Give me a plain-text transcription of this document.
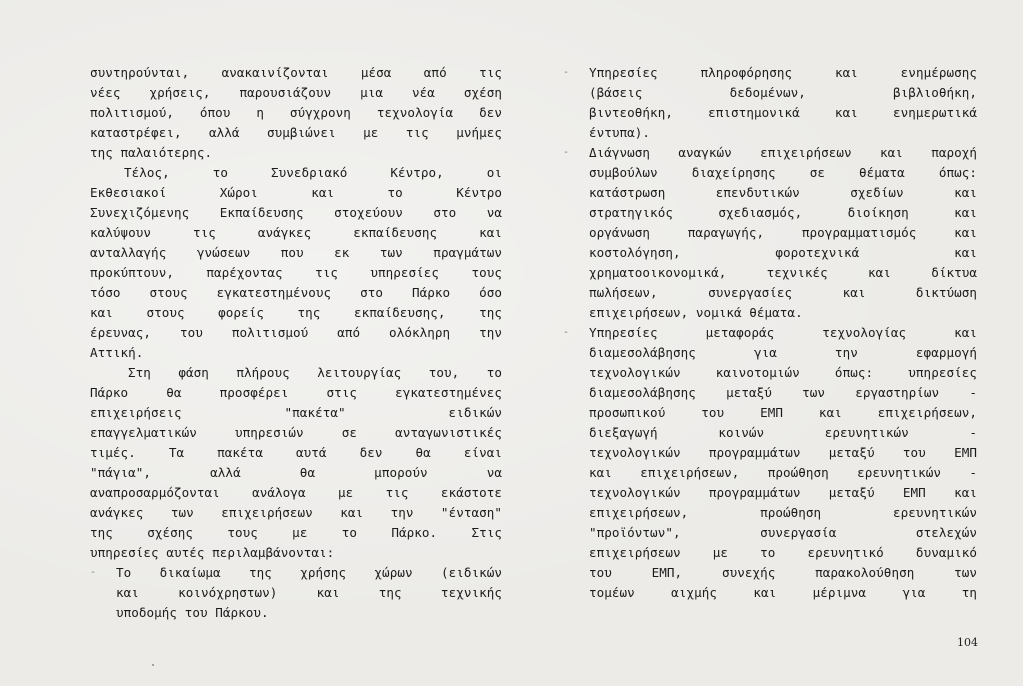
συντηρούνται, ανακαινίζονται μέσα από τις
νέες χρήσεις, παρουσιάζουν μια νέα σχέση
πολιτισμού, όπου η σύγχρονη τεχνολογία δεν
καταστρέφει, αλλά συμβιώνει με τις μνήμες
της παλαιότερης.
Τέλος, το Συνεδριακό Κέντρο, οι
Εκθεσιακοί Χώροι και το Κέντρο
Συνεχιζόμενης Εκπαίδευσης στοχεύουν στο να
καλύψουν τις ανάγκες εκπαίδευσης και
ανταλλαγής γνώσεων που εκ των πραγμάτων
προκύπτουν, παρέχοντας τις υπηρεσίες τους
τόσο στους εγκατεστημένους στο Πάρκο όσο
και στους φορείς της εκπαίδευσης, της
έρευνας, του πολιτισμού από ολόκληρη την
Αττική.
Στη φάση πλήρους λειτουργίας του, το
Πάρκο θα προσφέρει στις εγκατεστημένες
επιχειρήσεις "πακέτα" ειδικών
επαγγελματικών υπηρεσιών σε ανταγωνιστικές
τιμές. Τα πακέτα αυτά δεν θα είναι
"πάγια", αλλά θα μπορούν να
αναπροσαρμόζονται ανάλογα με τις εκάστοτε
ανάγκες των επιχειρήσεων και την "ένταση"
της σχέσης τους με το Πάρκο. Στις
υπηρεσίες αυτές περιλαμβάνονται:
-	Το δικαίωμα της χρήσης χώρων (ειδικών
και κοινόχρηστων) και της τεχνικής
υποδομής του Πάρκου.
-	Υπηρεσίες πληροφόρησης και ενημέρωσης
(βάσεις δεδομένων, βιβλιοθήκη,
βιντεοθήκη, επιστημονικά και ενημερωτικά
έντυπα).
-	Διάγνωση αναγκών επιχειρήσεων και παροχή
συμβούλων διαχείρησης σε θέματα όπως:
κατάστρωση επενδυτικών σχεδίων και
στρατηγικός σχεδιασμός, διοίκηση και
οργάνωση παραγωγής, προγραμματισμός και
κοστολόγηση, φοροτεχνικά και
χρηματοοικονομικά, τεχνικές και δίκτυα
πωλήσεων, συνεργασίες και δικτύωση
επιχειρήσεων, νομικά θέματα.
-	Υπηρεσίες μεταφοράς τεχνολογίας και
διαμεσολάβησης για την εφαρμογή
τεχνολογικών καινοτομιών όπως: υπηρεσίες
διαμεσολάβησης μεταξύ των εργαστηρίων -
προσωπικού του ΕΜΠ και επιχειρήσεων,
διεξαγωγή κοινών ερευνητικών -
τεχνολογικών προγραμμάτων μεταξύ του ΕΜΠ
και επιχειρήσεων, προώθηση ερευνητικών -
τεχνολογικών προγραμμάτων μεταξύ ΕΜΠ και
επιχειρήσεων, προώθηση ερευνητικών
"προϊόντων", συνεργασία στελεχών
επιχειρήσεων με το ερευνητικό δυναμικό
του ΕΜΠ, συνεχής παρακολούθηση των
τομέων αιχμής και μέριμνα για τη
104
